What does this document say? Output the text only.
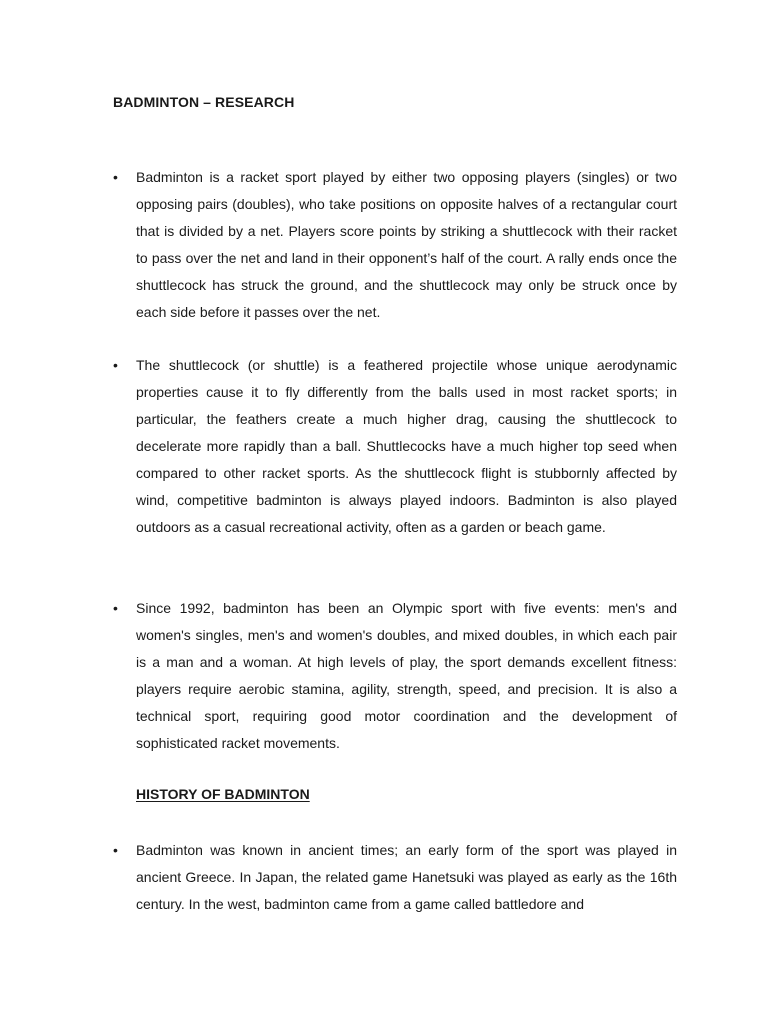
BADMINTON – RESEARCH
•	Badminton is a racket sport played by either two opposing players (singles) or two opposing pairs (doubles), who take positions on opposite halves of a rectangular court that is divided by a net. Players score points by striking a shuttlecock with their racket to pass over the net and land in their opponent’s half of the court. A rally ends once the shuttlecock has struck the ground, and the shuttlecock may only be struck once by each side before it passes over the net.
•	The shuttlecock (or shuttle) is a feathered projectile whose unique aerodynamic properties cause it to fly differently from the balls used in most racket sports; in particular, the feathers create a much higher drag, causing the shuttlecock to decelerate more rapidly than a ball. Shuttlecocks have a much higher top seed when compared to other racket sports. As the shuttlecock flight is stubbornly affected by wind, competitive badminton is always played indoors. Badminton is also played outdoors as a casual recreational activity, often as a garden or beach game.
•	Since 1992, badminton has been an Olympic sport with five events: men's and women's singles, men's and women's doubles, and mixed doubles, in which each pair is a man and a woman. At high levels of play, the sport demands excellent fitness: players require aerobic stamina, agility, strength, speed, and precision. It is also a technical sport, requiring good motor coordination and the development of sophisticated racket movements.
HISTORY OF BADMINTON
•	Badminton was known in ancient times; an early form of the sport was played in ancient Greece. In Japan, the related game Hanetsuki was played as early as the 16th century. In the west, badminton came from a game called battledore and
